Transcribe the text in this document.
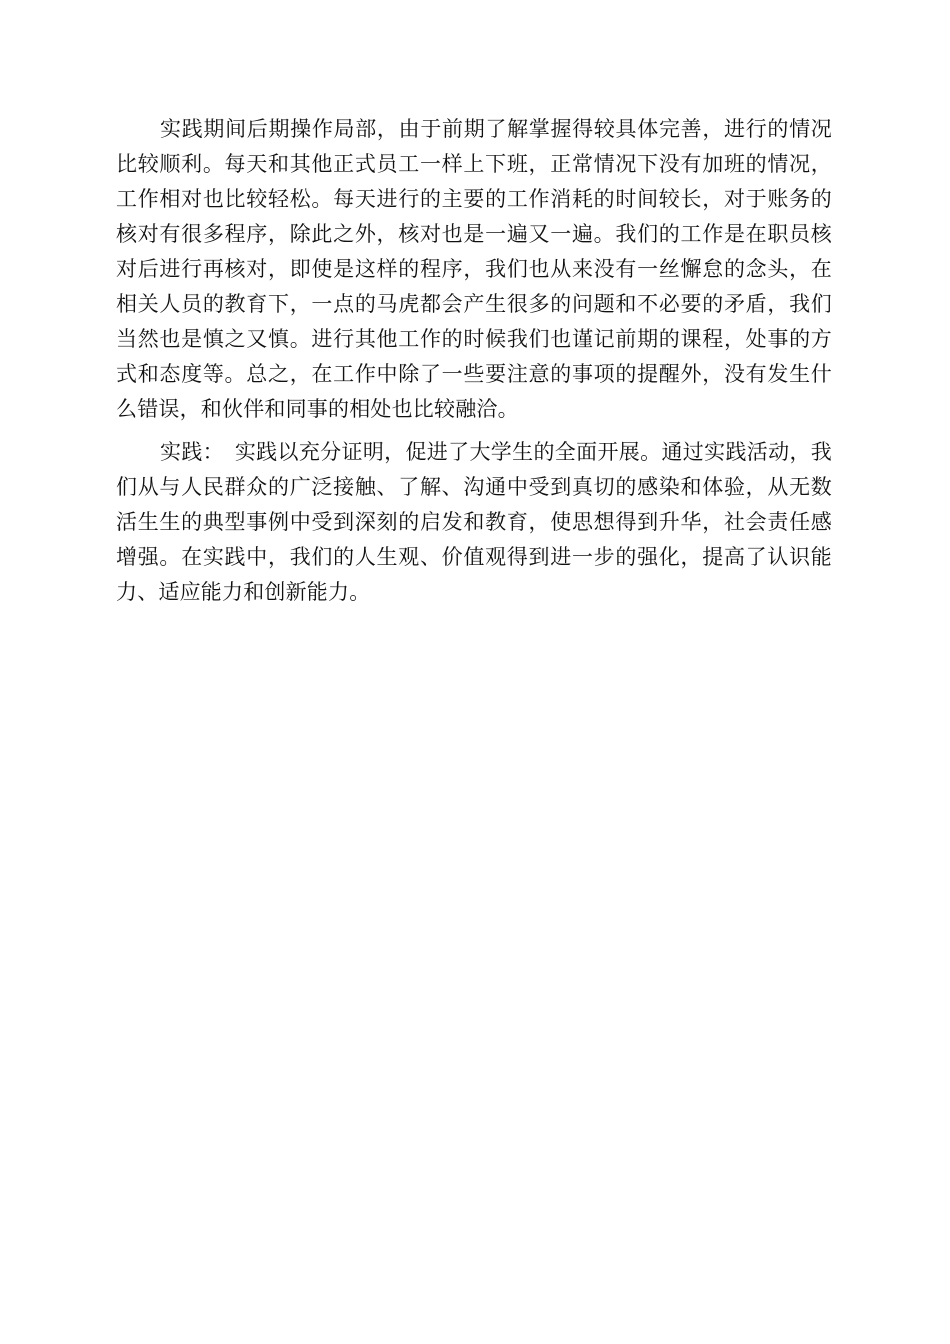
实践期间后期操作局部，由于前期了解掌握得较具体完善，进行的情况比较顺利。每天和其他正式员工一样上下班，正常情况下没有加班的情况，工作相对也比较轻松。每天进行的主要的工作消耗的时间较长，对于账务的核对有很多程序，除此之外，核对也是一遍又一遍。我们的工作是在职员核对后进行再核对，即使是这样的程序，我们也从来没有一丝懈怠的念头，在相关人员的教育下，一点的马虎都会产生很多的问题和不必要的矛盾，我们当然也是慎之又慎。进行其他工作的时候我们也谨记前期的课程，处事的方式和态度等。总之，在工作中除了一些要注意的事项的提醒外，没有发生什么错误，和伙伴和同事的相处也比较融洽。

实践：　实践以充分证明，促进了大学生的全面开展。通过实践活动，我们从与人民群众的广泛接触、了解、沟通中受到真切的感染和体验，从无数活生生的典型事例中受到深刻的启发和教育，使思想得到升华，社会责任感增强。在实践中，我们的人生观、价值观得到进一步的强化，提高了认识能力、适应能力和创新能力。
